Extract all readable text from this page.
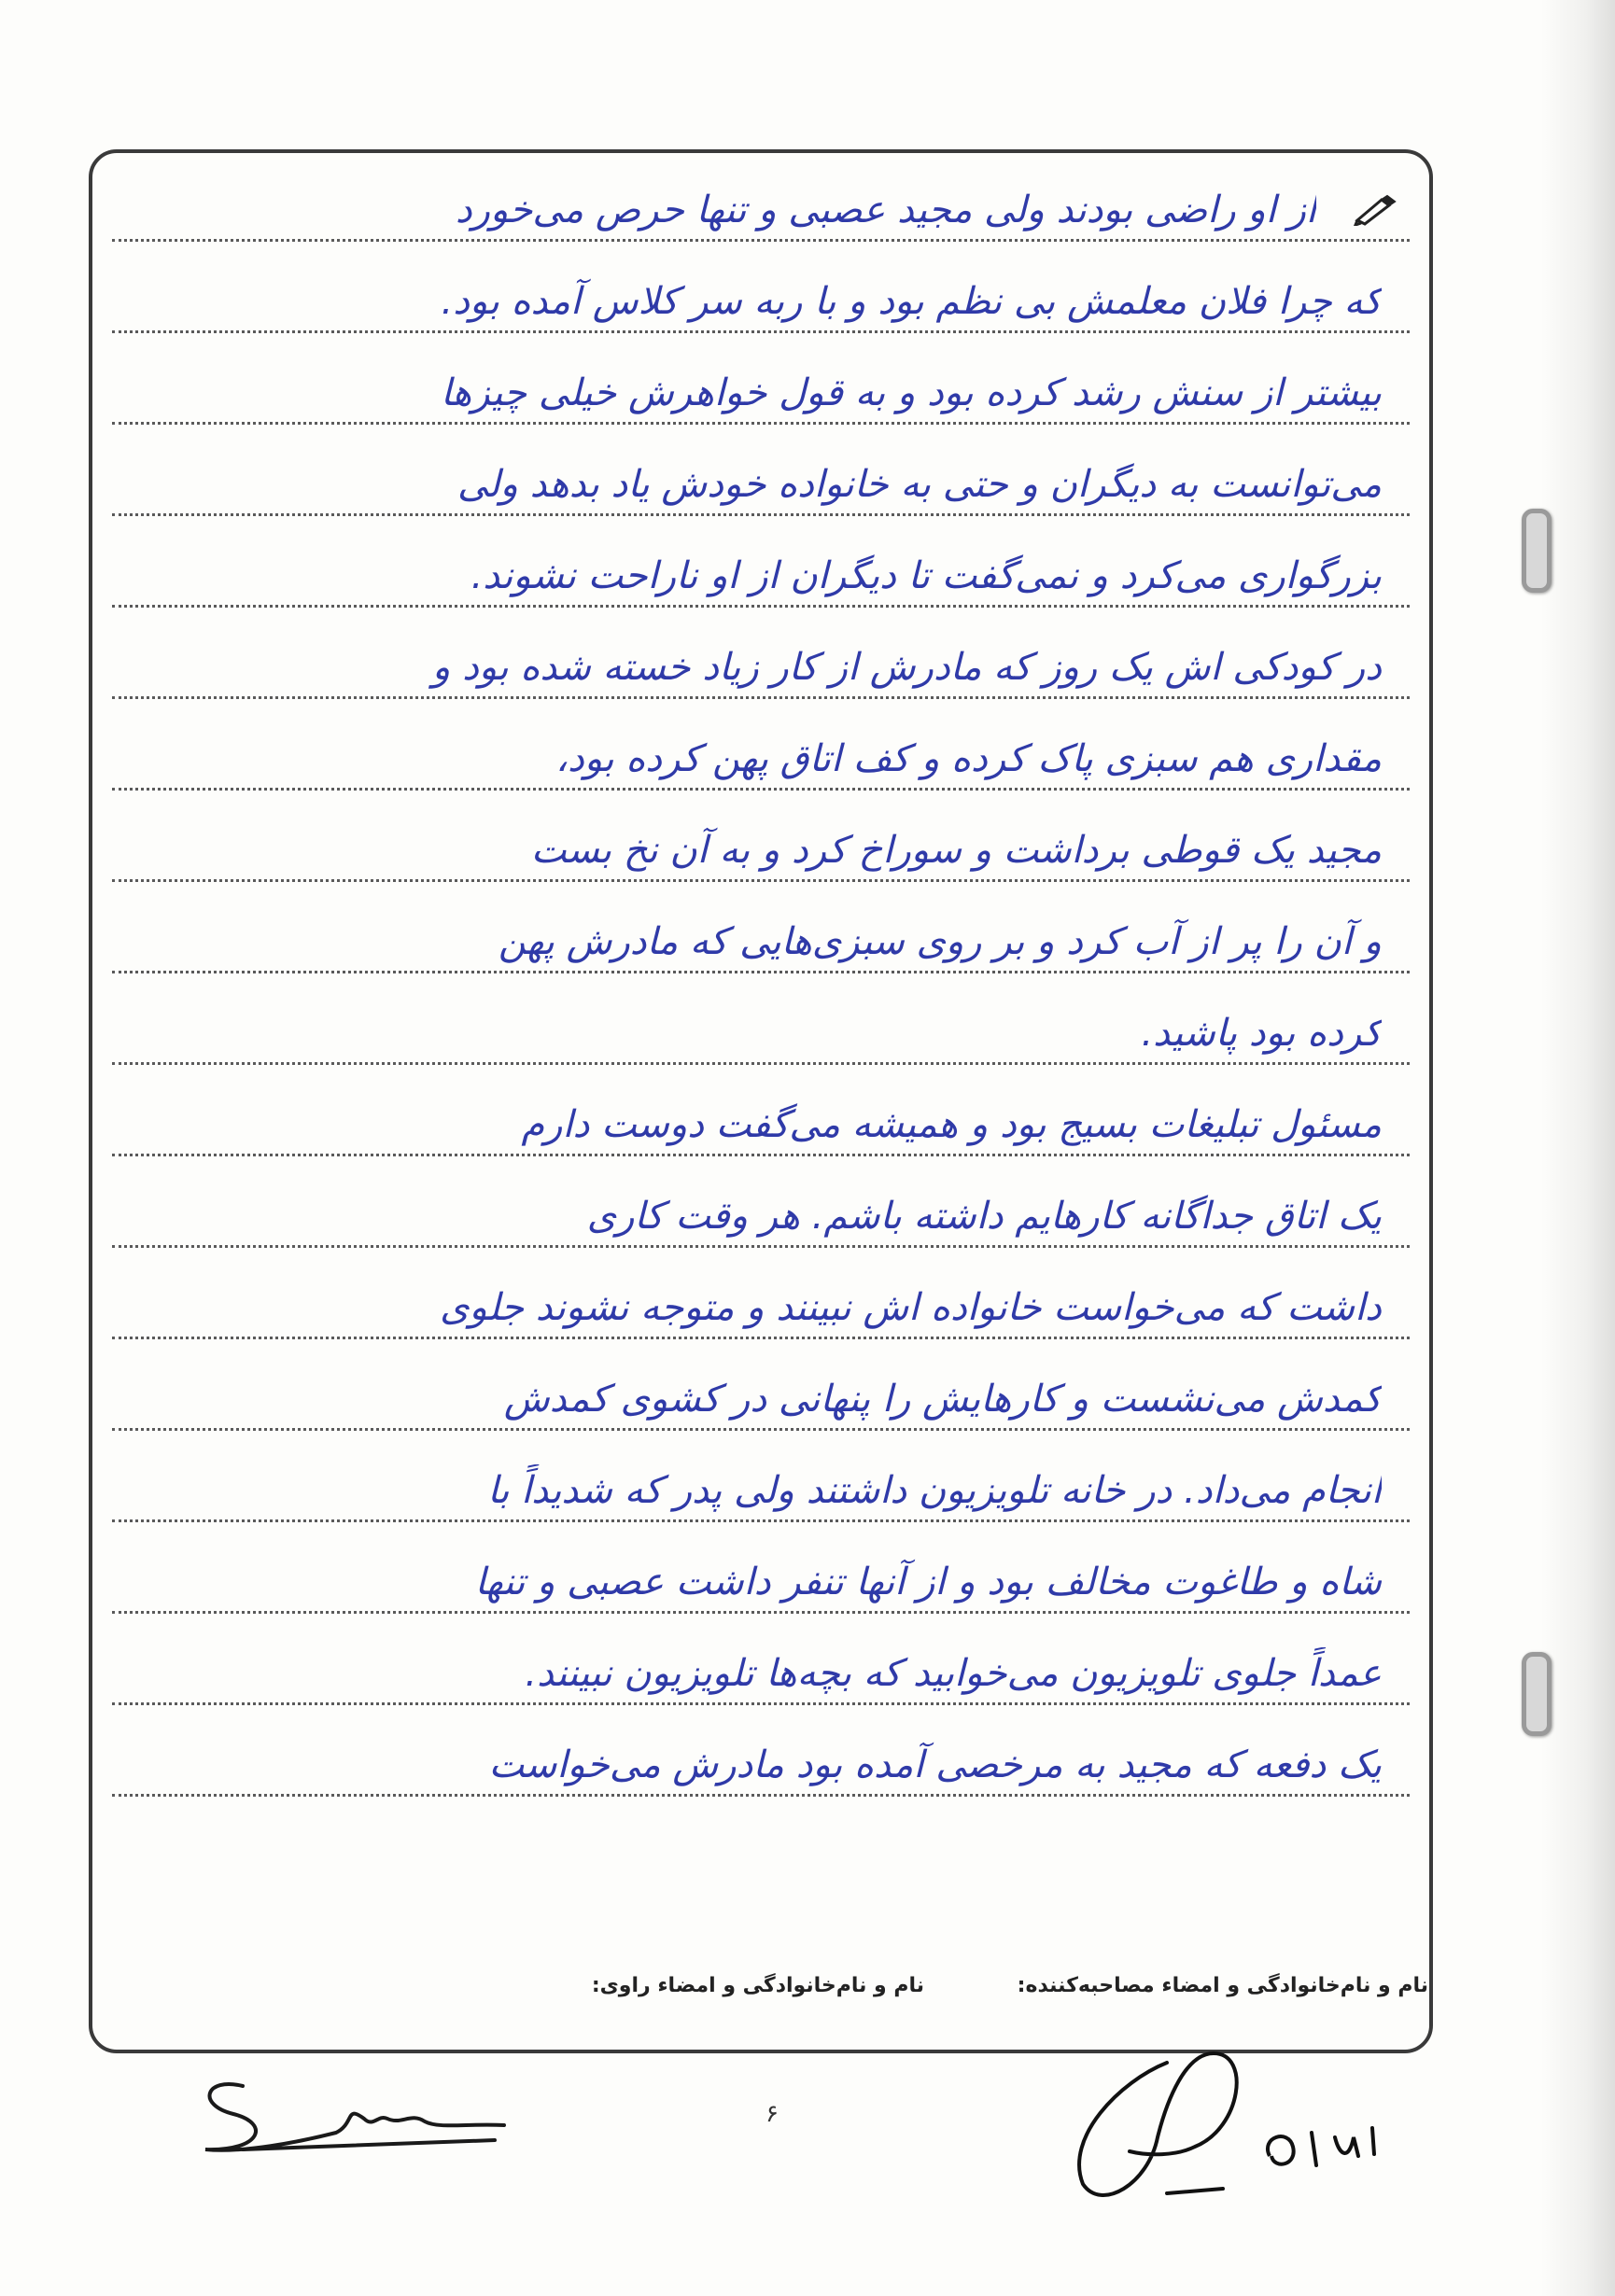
از او راضی بودند ولی مجید عصبی و تنها حرص می‌خورد
که چرا فلان معلمش بی نظم بود و با ربه سر کلاس آمده بود.
بیشتر از سنش رشد کرده بود و به قول خواهرش خیلی چیزها
می‌توانست به دیگران و حتی به خانواده خودش یاد بدهد ولی
بزرگواری می‌کرد و نمی‌گفت تا دیگران از او ناراحت نشوند.
در کودکی اش یک روز که مادرش از کار زیاد خسته شده بود و
مقداری هم سبزی پاک کرده و کف اتاق پهن کرده بود،
مجید یک قوطی برداشت و سوراخ کرد و به آن نخ بست
و آن را پر از آب کرد و بر روی سبزی‌هایی که مادرش پهن
کرده بود پاشید.
مسئول تبلیغات بسیج بود و همیشه می‌گفت دوست دارم
یک اتاق جداگانه کار‌هایم داشته باشم. هر وقت کاری
داشت که می‌خواست خانواده اش نبینند و متوجه نشوند جلوی
کمدش می‌نشست و کارهایش را پنهانی در کشوی کمدش
انجام می‌داد. در خانه تلویزیون داشتند ولی پدر که شدیداً با
شاه و طاغوت مخالف بود و از آنها تنفر داشت عصبی و تنها
عمداً جلوی تلویزیون می‌خوابید که بچه‌ها تلویزیون نبینند.
یک دفعه که مجید به مرخصی آمده بود مادرش می‌خواست
نام و نام‌خانوادگی و امضاء مصاحبه‌کننده:
نام و نام‌خانوادگی و امضاء راوی:
۶
